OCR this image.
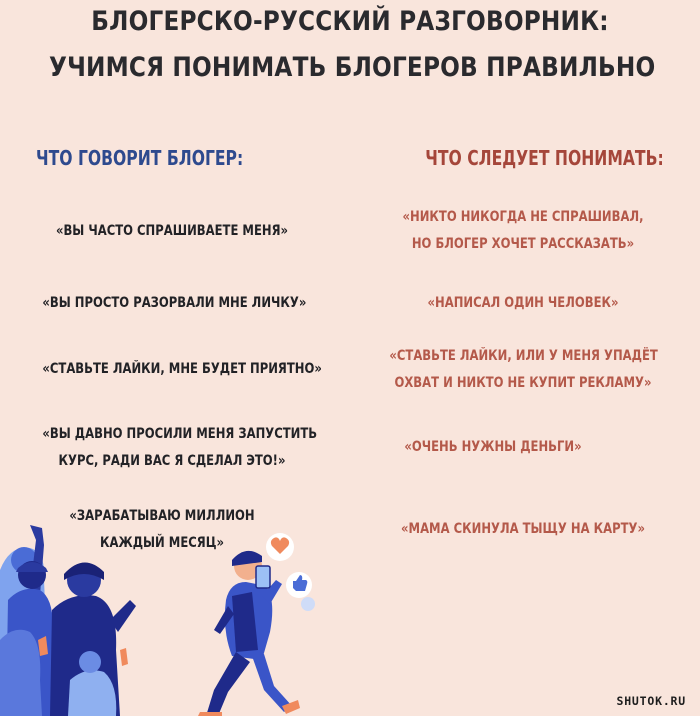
БЛОГЕРСКО-РУССКИЙ РАЗГОВОРНИК:
УЧИМСЯ ПОНИМАТЬ БЛОГЕРОВ ПРАВИЛЬНО
ЧТО ГОВОРИТ БЛОГЕР:	ЧТО СЛЕДУЕТ ПОНИМАТЬ:
«ВЫ ЧАСТО СПРАШИВАЕТЕ МЕНЯ»
«НИКТО НИКОГДА НЕ СПРАШИВАЛ,
НО БЛОГЕР ХОЧЕТ РАССКАЗАТЬ»
«ВЫ ПРОСТО РАЗОРВАЛИ МНЕ ЛИЧКУ»	«НАПИСАЛ ОДИН ЧЕЛОВЕК»
«СТАВЬТЕ ЛАЙКИ, МНЕ БУДЕТ ПРИЯТНО»
«СТАВЬТЕ ЛАЙКИ, ИЛИ У МЕНЯ УПАДЁТ
ОХВАТ И НИКТО НЕ КУПИТ РЕКЛАМУ»
«ВЫ ДАВНО ПРОСИЛИ МЕНЯ ЗАПУСТИТЬ
КУРС, РАДИ ВАС Я СДЕЛАЛ ЭТО!»
«ОЧЕНЬ НУЖНЫ ДЕНЬГИ»
«ЗАРАБАТЫВАЮ МИЛЛИОН
КАЖДЫЙ МЕСЯЦ»
«МАМА СКИНУЛА ТЫЩУ НА КАРТУ»
SHUTOK.RU
